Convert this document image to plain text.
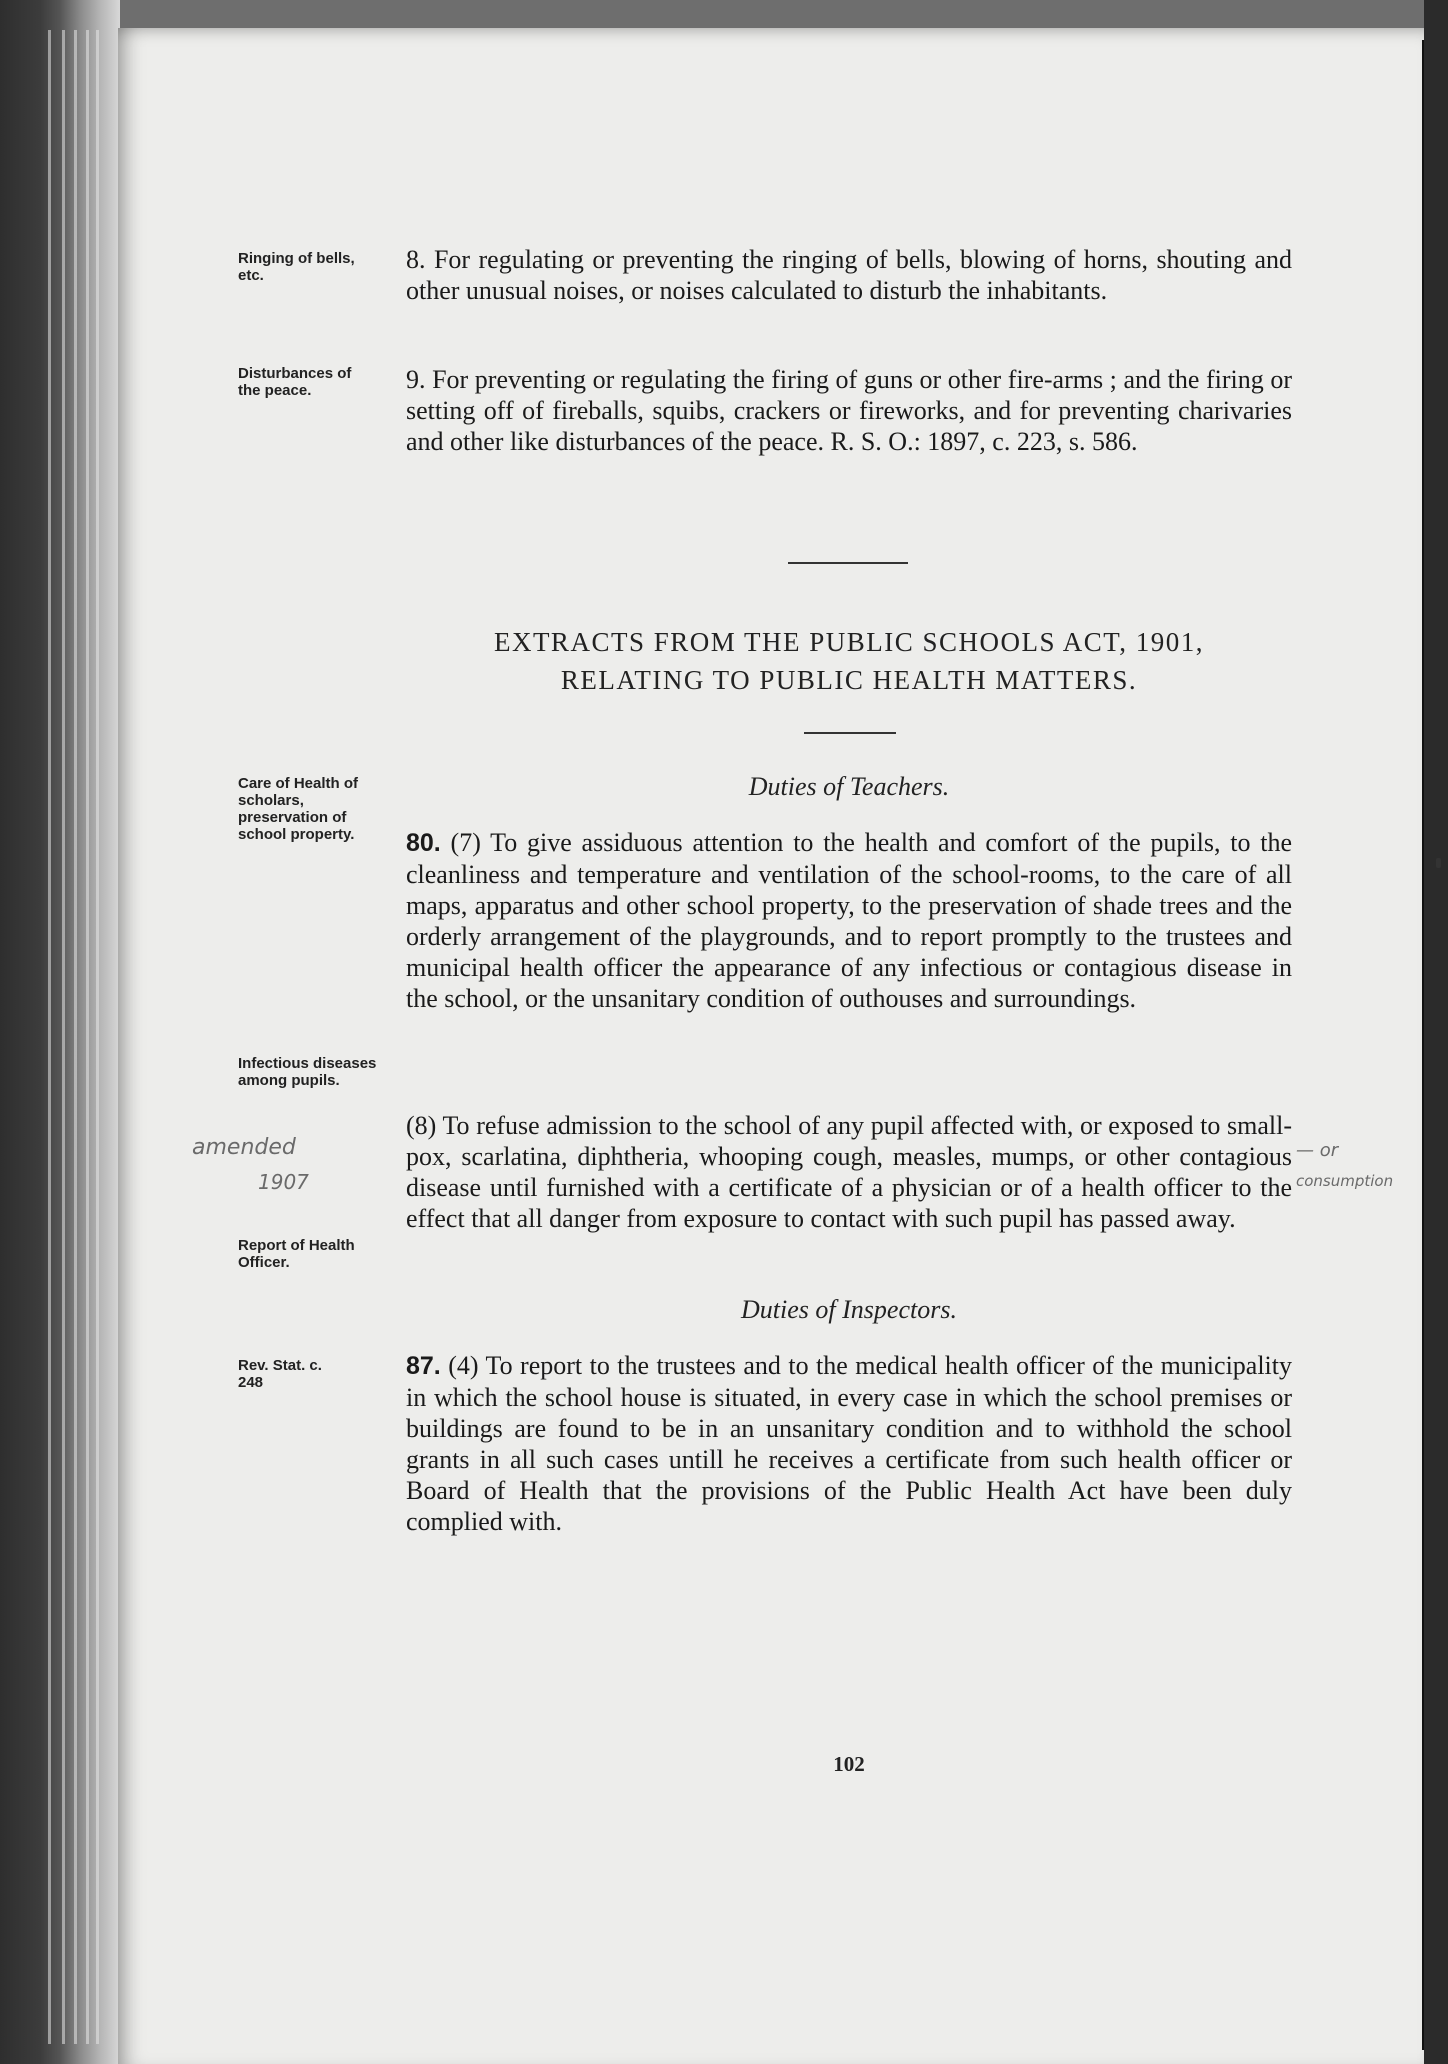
Ringing of bells, etc.
Disturbances of the peace.
Care of Health of scholars, preservation of school property.
Infectious diseases among pupils.
Report of Health Officer.
Rev. Stat. c. 248
8. For regulating or preventing the ringing of bells, blowing of horns, shouting and other unusual noises, or noises calculated to disturb the inhabitants.
9. For preventing or regulating the firing of guns or other fire-arms ; and the firing or setting off of fireballs, squibs, crackers or fireworks, and for preventing charivaries and other like disturbances of the peace. R. S. O.: 1897, c. 223, s. 586.
EXTRACTS FROM THE PUBLIC SCHOOLS ACT, 1901,
RELATING TO PUBLIC HEALTH MATTERS.
Duties of Teachers.
80. (7) To give assiduous attention to the health and comfort of the pupils, to the cleanliness and temperature and ventilation of the school-rooms, to the care of all maps, apparatus and other school property, to the preservation of shade trees and the orderly arrangement of the playgrounds, and to report promptly to the trustees and municipal health officer the appearance of any infectious or contagious disease in the school, or the unsanitary condition of outhouses and surroundings.
(8) To refuse admission to the school of any pupil affected with, or exposed to small-pox, scarlatina, diphtheria, whooping cough, measles, mumps, or other contagious disease until furnished with a certificate of a physician or of a health officer to the effect that all danger from exposure to contact with such pupil has passed away.
amended
1907
— or
consumption
Duties of Inspectors.
87. (4) To report to the trustees and to the medical health officer of the municipality in which the school house is situated, in every case in which the school premises or buildings are found to be in an unsanitary condition and to withhold the school grants in all such cases untill he receives a certificate from such health officer or Board of Health that the provisions of the Public Health Act have been duly complied with.
102
